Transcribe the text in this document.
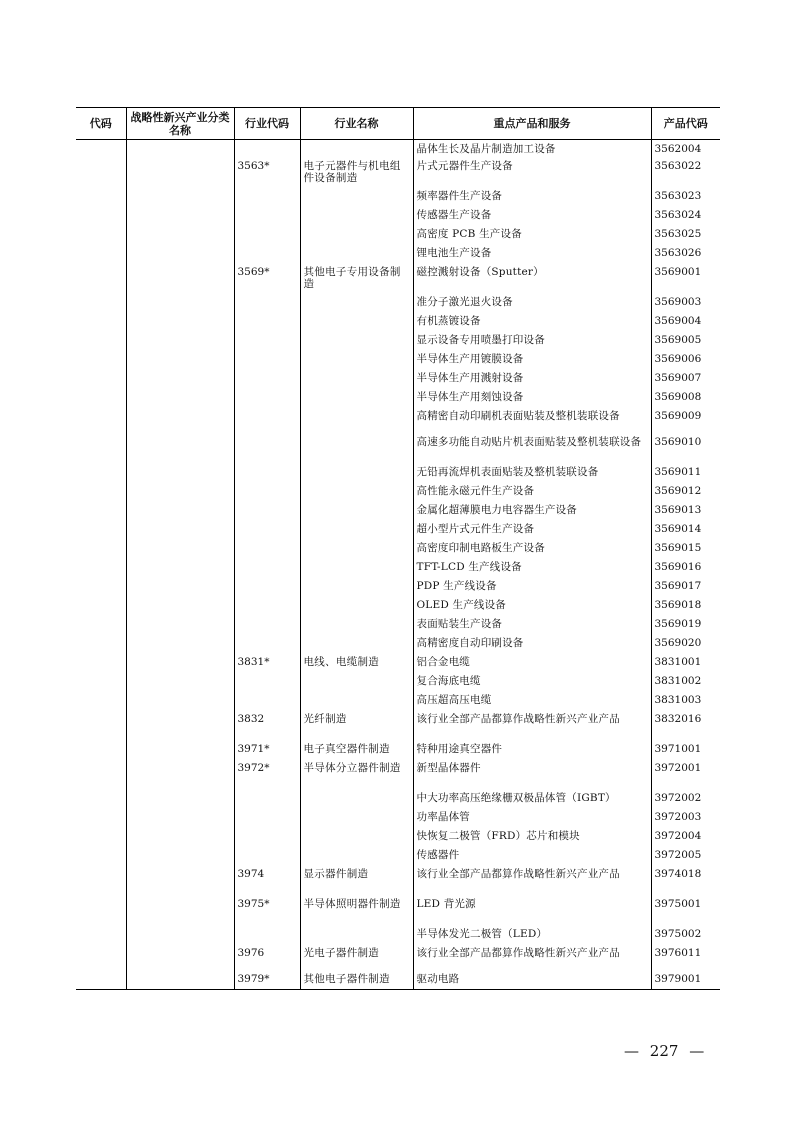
代码	战略性新兴产业分类名称	行业代码	行业名称	重点产品和服务	产品代码
				晶体生长及晶片制造加工设备	3562004
		3563*	电子元器件与机电组件设备制造	片式元器件生产设备	3563022
				频率器件生产设备	3563023
				传感器生产设备	3563024
				高密度 PCB 生产设备	3563025
				锂电池生产设备	3563026
		3569*	其他电子专用设备制造	磁控溅射设备（Sputter）	3569001
				准分子激光退火设备	3569003
				有机蒸镀设备	3569004
				显示设备专用喷墨打印设备	3569005
				半导体生产用镀膜设备	3569006
				半导体生产用溅射设备	3569007
				半导体生产用刻蚀设备	3569008
				高精密自动印刷机表面贴装及整机装联设备	3569009
				高速多功能自动贴片机表面贴装及整机装联设备	3569010
				无铅再流焊机表面贴装及整机装联设备	3569011
				高性能永磁元件生产设备	3569012
				金属化超薄膜电力电容器生产设备	3569013
				超小型片式元件生产设备	3569014
				高密度印制电路板生产设备	3569015
				TFT-LCD 生产线设备	3569016
				PDP 生产线设备	3569017
				OLED 生产线设备	3569018
				表面贴装生产设备	3569019
				高精密度自动印刷设备	3569020
		3831*	电线、电缆制造	铝合金电缆	3831001
				复合海底电缆	3831002
				高压超高压电缆	3831003
		3832	光纤制造	该行业全部产品都算作战略性新兴产业产品	3832016
		3971*	电子真空器件制造	特种用途真空器件	3971001
		3972*	半导体分立器件制造	新型晶体器件	3972001
				中大功率高压绝缘栅双极晶体管（IGBT）	3972002
				功率晶体管	3972003
				快恢复二极管（FRD）芯片和模块	3972004
				传感器件	3972005
		3974	显示器件制造	该行业全部产品都算作战略性新兴产业产品	3974018
		3975*	半导体照明器件制造	LED 背光源	3975001
				半导体发光二极管（LED）	3975002
		3976	光电子器件制造	该行业全部产品都算作战略性新兴产业产品	3976011
		3979*	其他电子器件制造	驱动电路	3979001
— 227 —
